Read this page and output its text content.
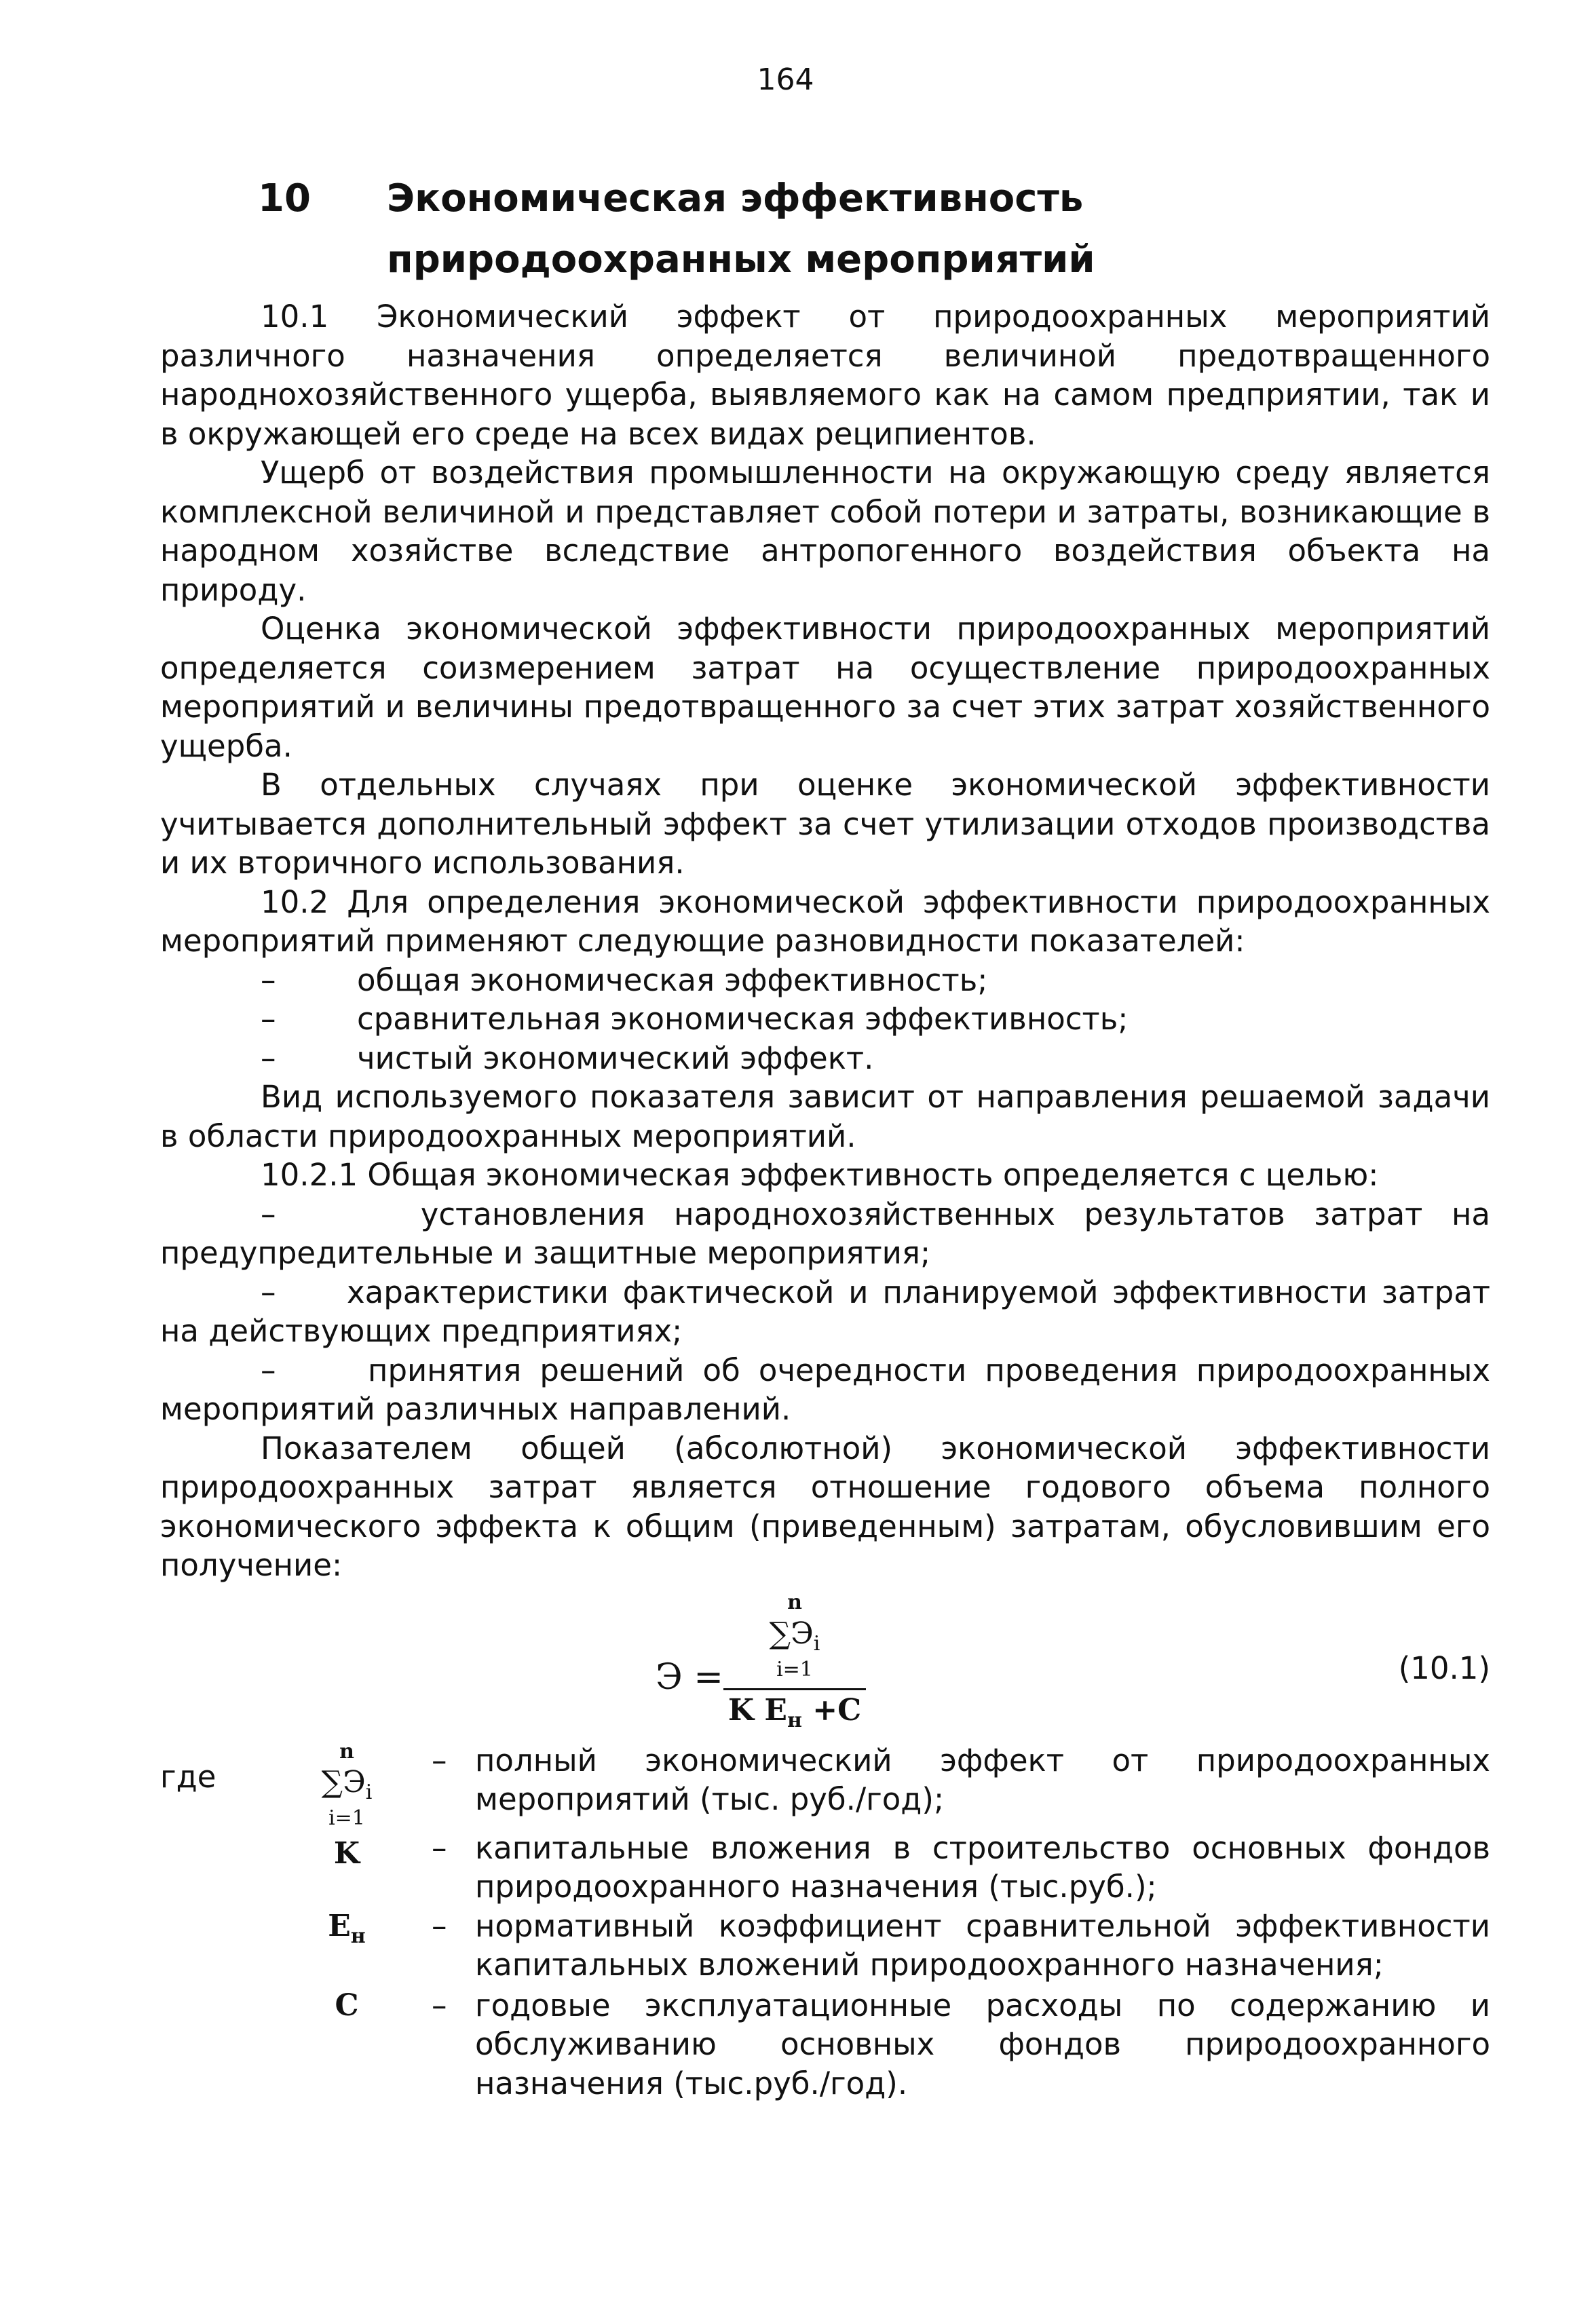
164
10 Экономическая эффективность природоохранных мероприятий

10.1 Экономический эффект от природоохранных мероприятий различного назначения определяется величиной предотвращенного народнохозяйственного ущерба, выявляемого как на самом предприятии, так и в окружающей его среде на всех видах реципиентов.

Ущерб от воздействия промышленности на окружающую среду является комплексной величиной и представляет собой потери и затраты, возникающие в народном хозяйстве вследствие антропогенного воздействия объекта на природу.

Оценка экономической эффективности природоохранных мероприятий определяется соизмерением затрат на осуществление природоохранных мероприятий и величины предотвращенного за счет этих затрат хозяйственного ущерба.

В отдельных случаях при оценке экономической эффективности учитывается дополнительный эффект за счет утилизации отходов производства и их вторичного использования.

10.2 Для определения экономической эффективности природоохранных мероприятий применяют следующие разновидности показателей:

–	общая экономическая эффективность;
–	сравнительная экономическая эффективность;
–	чистый экономический эффект.

Вид используемого показателя зависит от направления решаемой задачи в области природоохранных мероприятий.

10.2.1 Общая экономическая эффективность определяется с целью:

–	установления народнохозяйственных результатов затрат на предупредительные и защитные мероприятия;

– характеристики фактической и планируемой эффективности затрат на действующих предприятиях;

–	принятия решений об очередности проведения природоохранных мероприятий различных направлений.

Показателем общей (абсолютной) экономической эффективности природоохранных затрат является отношение годового объема полного экономического эффекта к общим (приведенным) затратам, обусловившим его получение:

Э =
n
$\sum Э_i$
i=1
K $E_н +C$
(10.1)
где
n
$\sum Э_i$
i=1
– полный экономический эффект от природоохранных мероприятий (тыс. руб./год);
K	– капитальные вложения в строительство основных фондов природоохранного назначения (тыс.руб.);
$E_н$	– нормативный коэффициент сравнительной эффективности капитальных вложений природоохранного назначения;
C	– годовые эксплуатационные расходы по содержанию и обслуживанию основных фондов природоохранного назначения (тыс.руб./год).
